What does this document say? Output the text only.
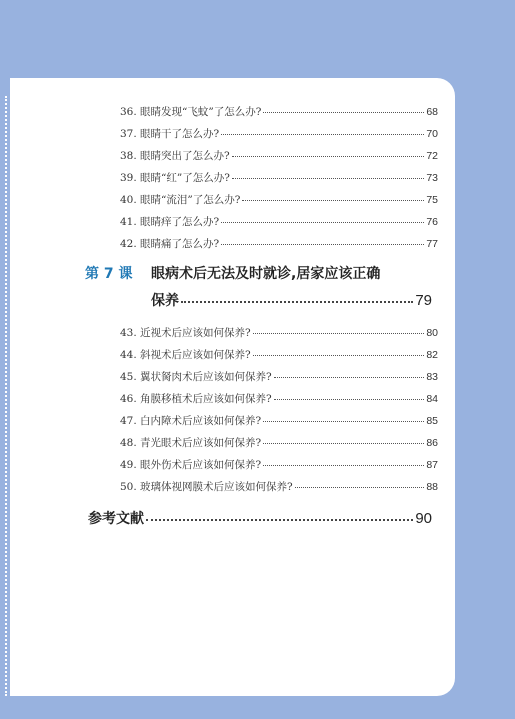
36. 眼睛发现“飞蚊”了怎么办?	68
37. 眼睛干了怎么办?	70
38. 眼睛突出了怎么办?	72
39. 眼睛“红”了怎么办?	73
40. 眼睛“流泪”了怎么办?	75
41. 眼睛痒了怎么办?	76
42. 眼睛痛了怎么办?	77
第 7 课 眼病术后无法及时就诊,居家应该正确
保养	79
43. 近视术后应该如何保养?	80
44. 斜视术后应该如何保养?	82
45. 翼状胬肉术后应该如何保养?	83
46. 角膜移植术后应该如何保养?	84
47. 白内障术后应该如何保养?	85
48. 青光眼术后应该如何保养?	86
49. 眼外伤术后应该如何保养?	87
50. 玻璃体视网膜术后应该如何保养?	88
参考文献	90
